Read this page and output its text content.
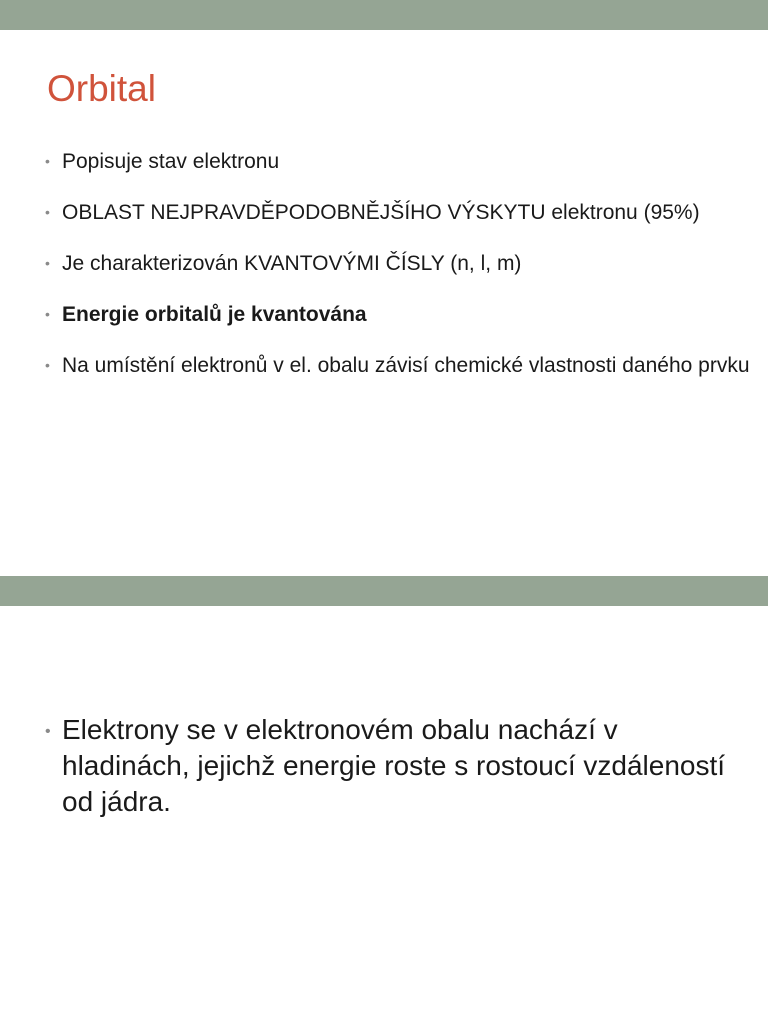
Orbital
• Popisuje stav elektronu
• OBLAST NEJPRAVDĚPODOBNĚJŠÍHO VÝSKYTU elektronu (95%)
• Je charakterizován KVANTOVÝMI ČÍSLY (n, l, m)
• Energie orbitalů je kvantována
• Na umístění elektronů v el. obalu závisí chemické vlastnosti daného prvku
• Elektrony se v elektronovém obalu nachází v hladinách, jejichž energie roste s rostoucí vzdáleností od jádra.
